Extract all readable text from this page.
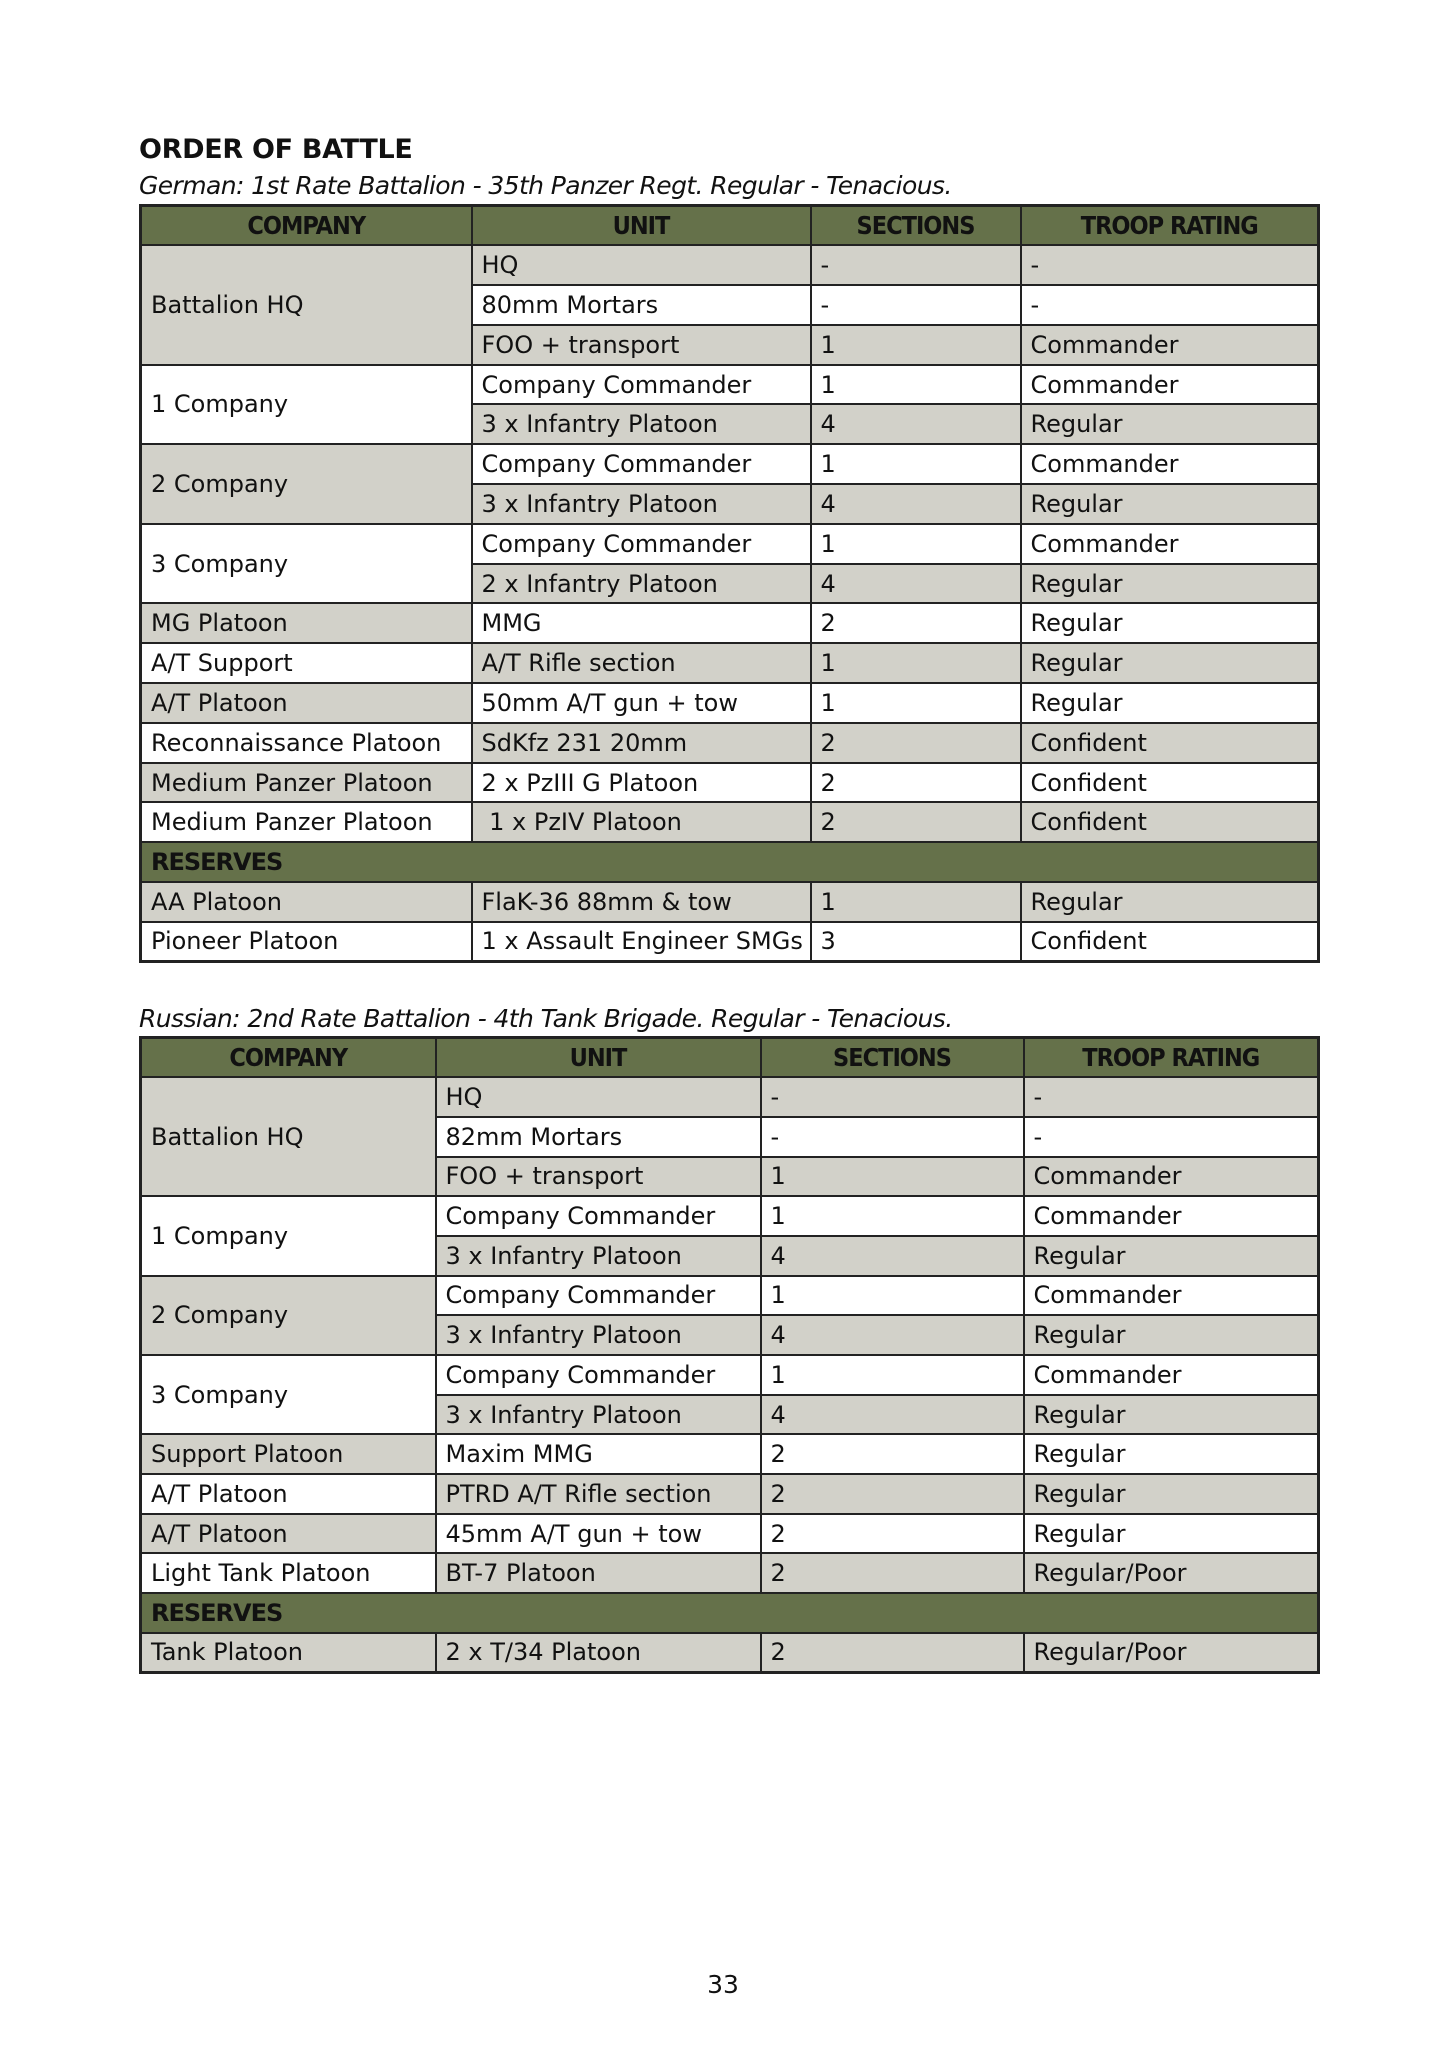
ORDER OF BATTLE

German: 1st Rate Battalion - 35th Panzer Regt. Regular - Tenacious.

COMPANY	UNIT	SECTIONS	TROOP RATING
Battalion HQ	HQ	-	-
	80mm Mortars	-	-
	FOO + transport	1	Commander
1 Company	Company Commander	1	Commander
	3 x Infantry Platoon	4	Regular
2 Company	Company Commander	1	Commander
	3 x Infantry Platoon	4	Regular
3 Company	Company Commander	1	Commander
	2 x Infantry Platoon	4	Regular
MG Platoon	MMG	2	Regular
A/T Support	A/T Rifle section	1	Regular
A/T Platoon	50mm A/T gun + tow	1	Regular
Reconnaissance Platoon	SdKfz 231 20mm	2	Confident
Medium Panzer Platoon	2 x PzIII G Platoon	2	Confident
Medium Panzer Platoon	1 x PzIV Platoon	2	Confident
RESERVES			
AA Platoon	FlaK-36 88mm & tow	1	Regular
Pioneer Platoon	1 x Assault Engineer SMGs	3	Confident

Russian: 2nd Rate Battalion - 4th Tank Brigade. Regular - Tenacious.

COMPANY	UNIT	SECTIONS	TROOP RATING
Battalion HQ	HQ	-	-
	82mm Mortars	-	-
	FOO + transport	1	Commander
1 Company	Company Commander	1	Commander
	3 x Infantry Platoon	4	Regular
2 Company	Company Commander	1	Commander
	3 x Infantry Platoon	4	Regular
3 Company	Company Commander	1	Commander
	3 x Infantry Platoon	4	Regular
Support Platoon	Maxim MMG	2	Regular
A/T Platoon	PTRD A/T Rifle section	2	Regular
A/T Platoon	45mm A/T gun + tow	2	Regular
Light Tank Platoon	BT-7 Platoon	2	Regular/Poor
RESERVES			
Tank Platoon	2 x T/34 Platoon	2	Regular/Poor

33
